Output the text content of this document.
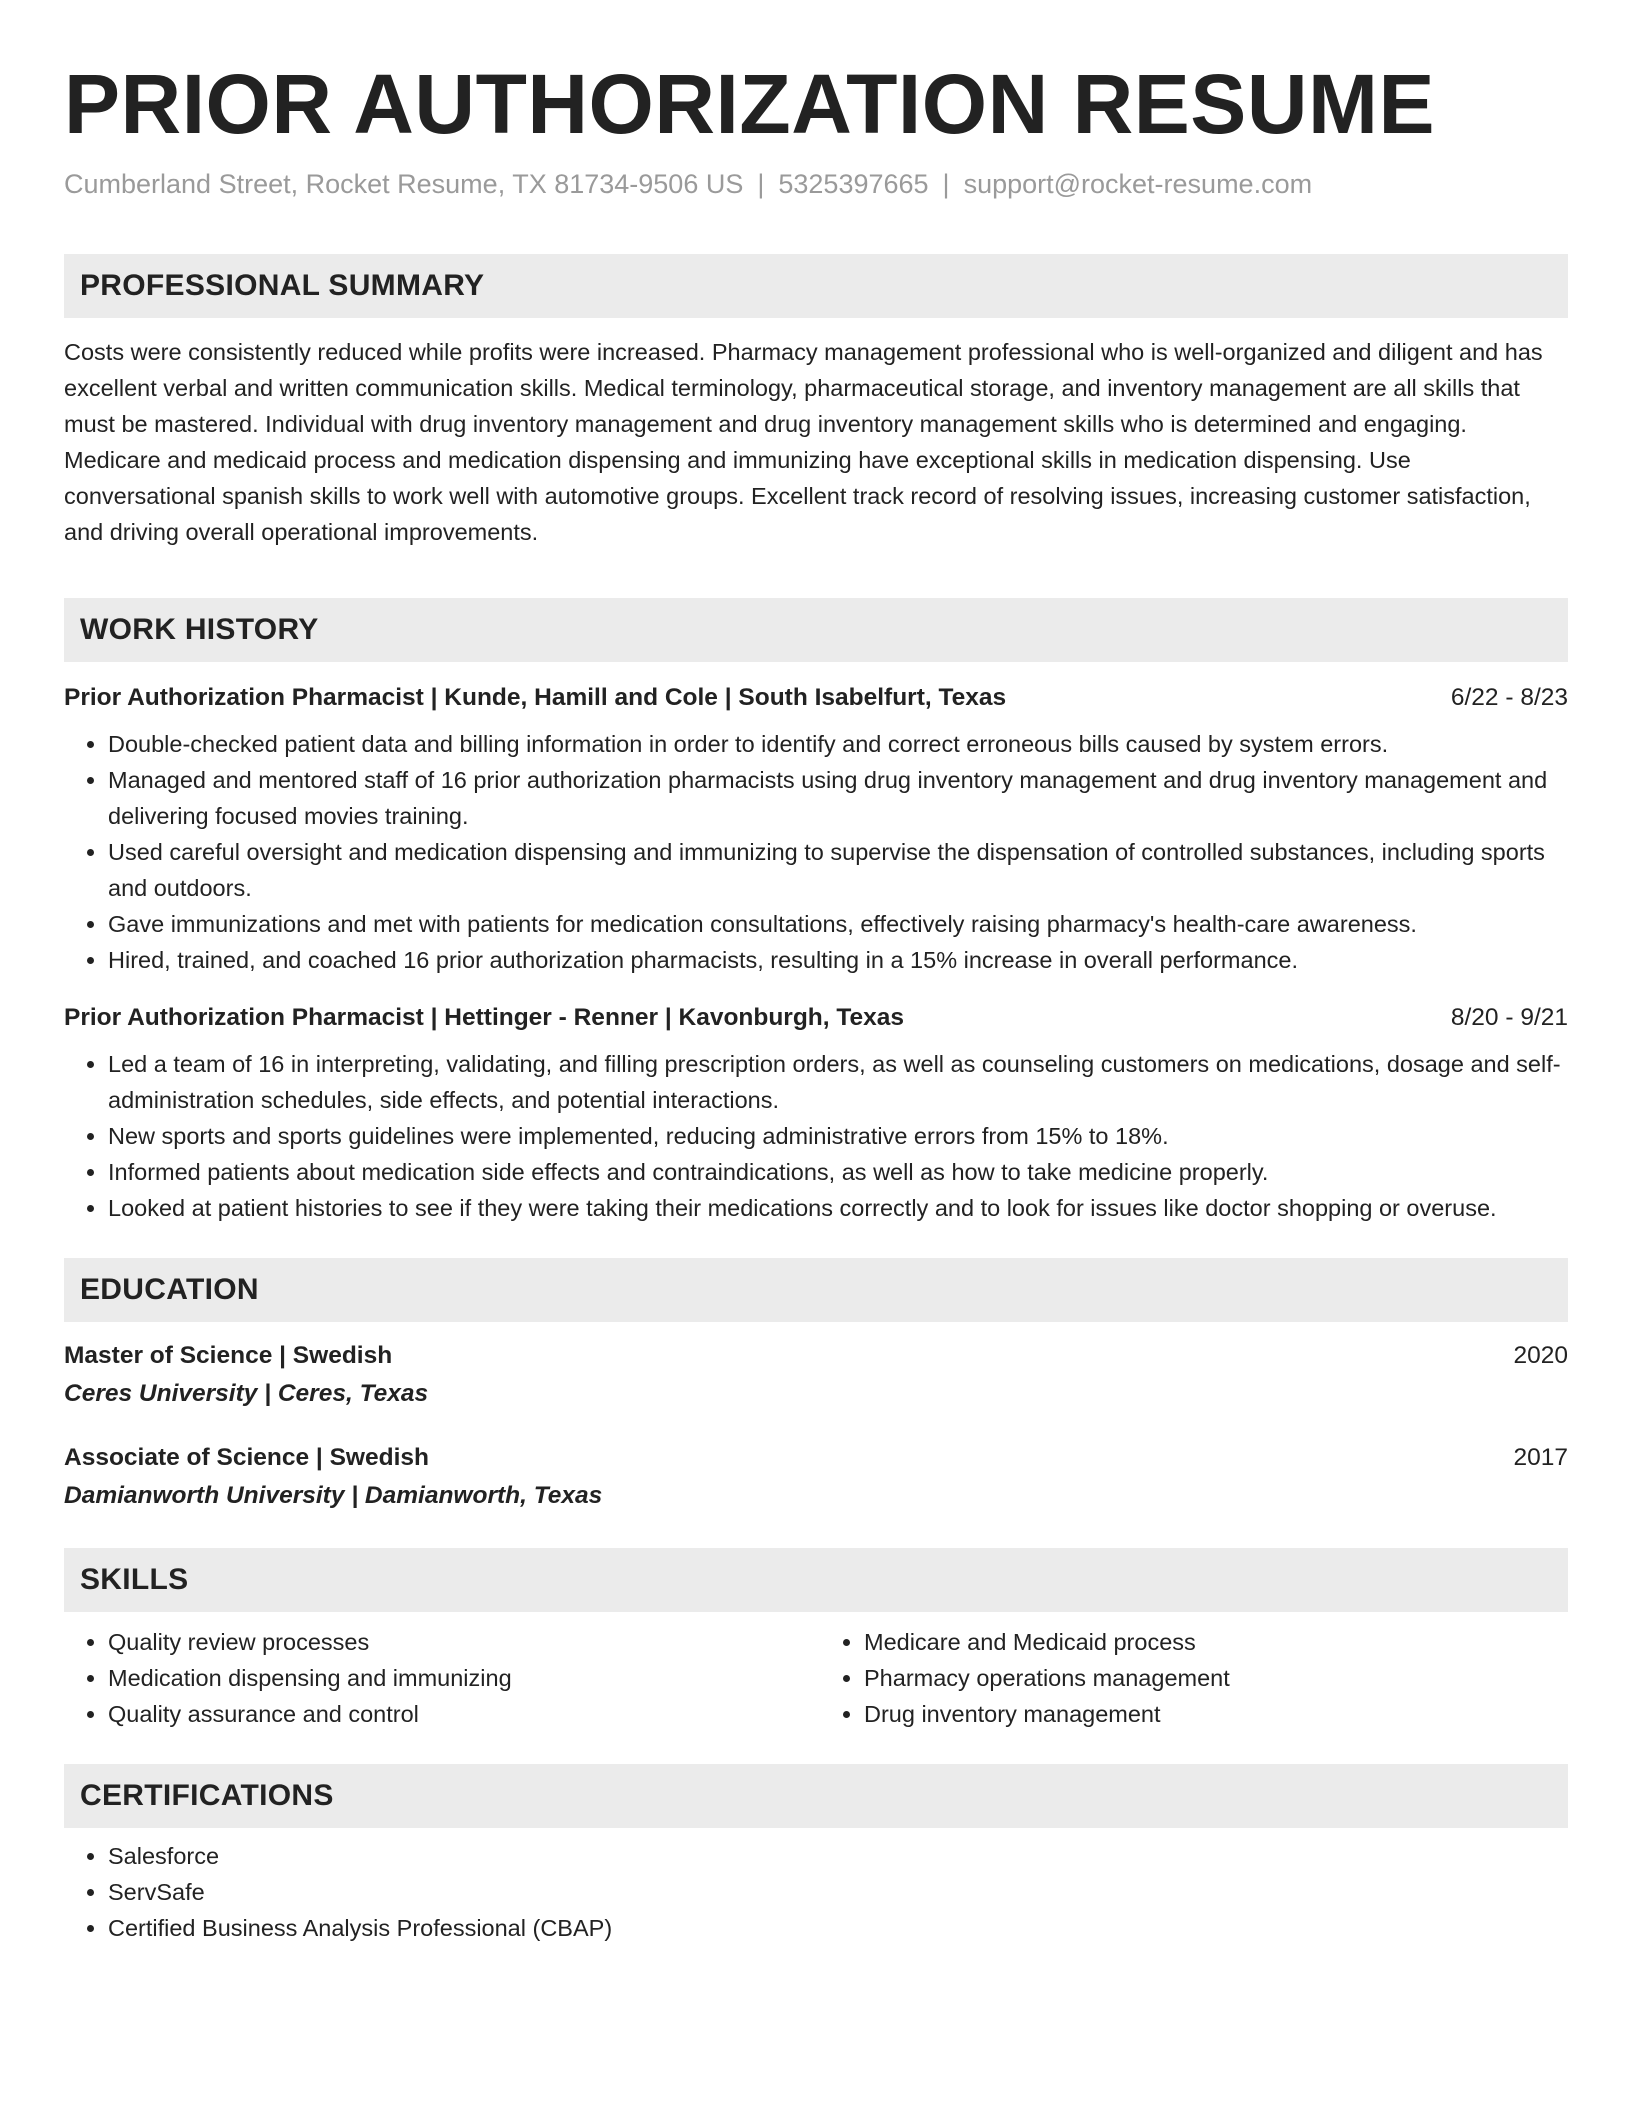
PRIOR AUTHORIZATION RESUME
Cumberland Street, Rocket Resume, TX 81734-9506 US | 5325397665 | support@rocket-resume.com
PROFESSIONAL SUMMARY
Costs were consistently reduced while profits were increased. Pharmacy management professional who is well-organized and diligent and has excellent verbal and written communication skills. Medical terminology, pharmaceutical storage, and inventory management are all skills that must be mastered. Individual with drug inventory management and drug inventory management skills who is determined and engaging. Medicare and medicaid process and medication dispensing and immunizing have exceptional skills in medication dispensing. Use conversational spanish skills to work well with automotive groups. Excellent track record of resolving issues, increasing customer satisfaction, and driving overall operational improvements.
WORK HISTORY
Prior Authorization Pharmacist | Kunde, Hamill and Cole | South Isabelfurt, Texas	6/22 - 8/23
• Double-checked patient data and billing information in order to identify and correct erroneous bills caused by system errors.
• Managed and mentored staff of 16 prior authorization pharmacists using drug inventory management and drug inventory management and delivering focused movies training.
• Used careful oversight and medication dispensing and immunizing to supervise the dispensation of controlled substances, including sports and outdoors.
• Gave immunizations and met with patients for medication consultations, effectively raising pharmacy's health-care awareness.
• Hired, trained, and coached 16 prior authorization pharmacists, resulting in a 15% increase in overall performance.
Prior Authorization Pharmacist | Hettinger - Renner | Kavonburgh, Texas	8/20 - 9/21
• Led a team of 16 in interpreting, validating, and filling prescription orders, as well as counseling customers on medications, dosage and self-administration schedules, side effects, and potential interactions.
• New sports and sports guidelines were implemented, reducing administrative errors from 15% to 18%.
• Informed patients about medication side effects and contraindications, as well as how to take medicine properly.
• Looked at patient histories to see if they were taking their medications correctly and to look for issues like doctor shopping or overuse.
EDUCATION
Master of Science | Swedish	2020
Ceres University | Ceres, Texas
Associate of Science | Swedish	2017
Damianworth University | Damianworth, Texas
SKILLS
• Quality review processes
• Medication dispensing and immunizing
• Quality assurance and control
• Medicare and Medicaid process
• Pharmacy operations management
• Drug inventory management
CERTIFICATIONS
• Salesforce
• ServSafe
• Certified Business Analysis Professional (CBAP)
